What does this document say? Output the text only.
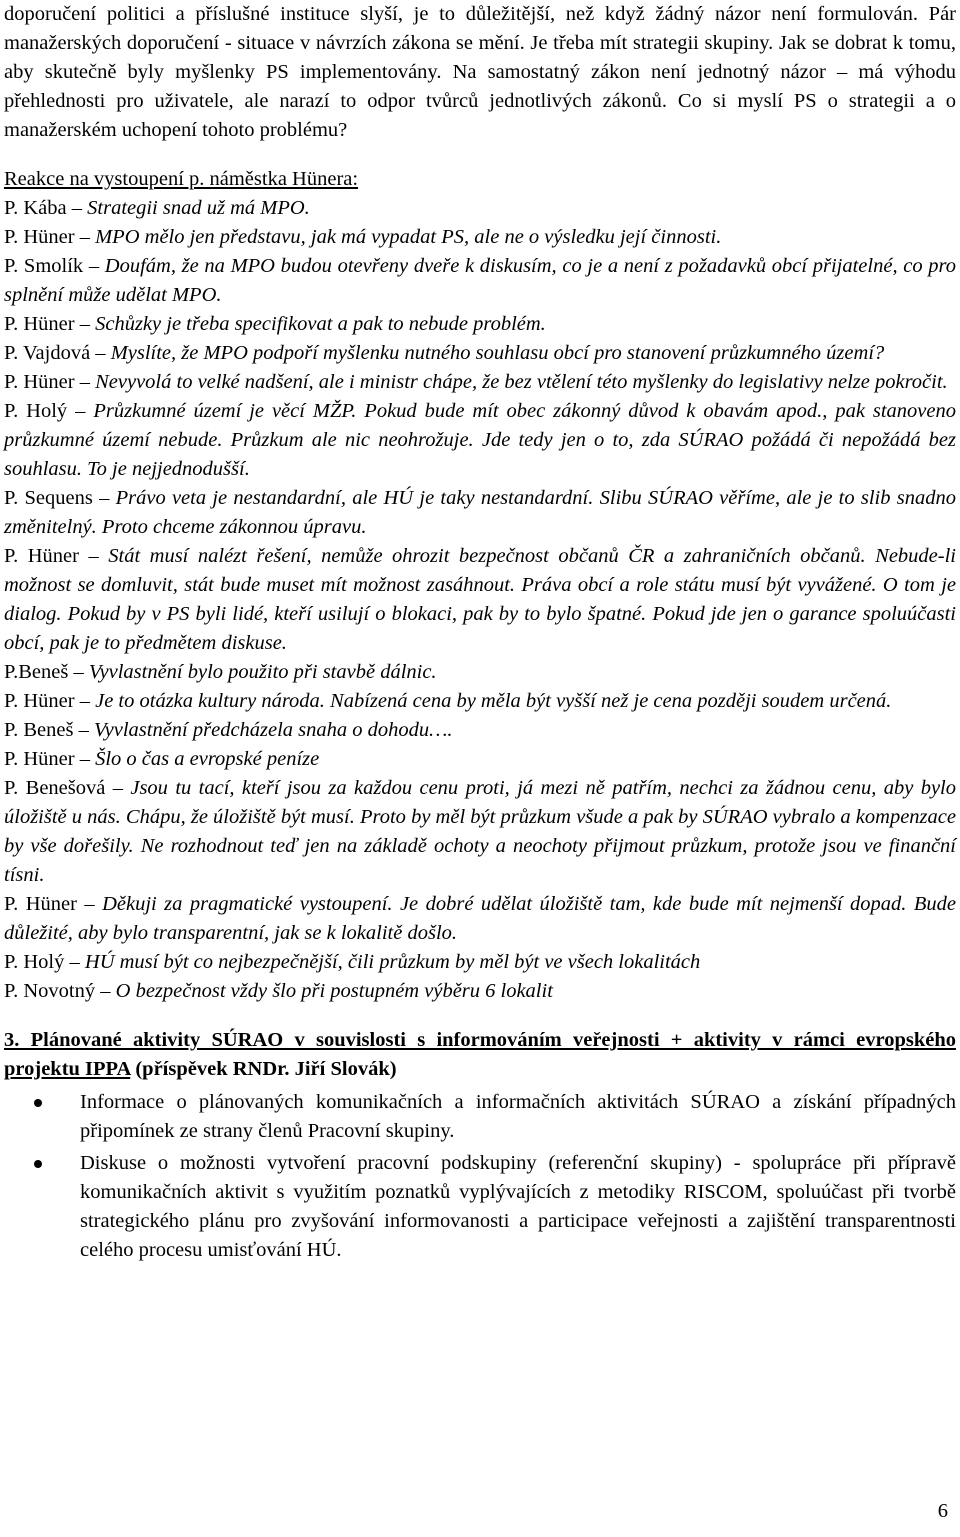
doporučení politici a příslušné instituce slyší, je to důležitější, než když žádný názor není formulován. Pár manažerských doporučení - situace v návrzích zákona se mění. Je třeba mít strategii skupiny. Jak se dobrat k tomu, aby skutečně byly myšlenky PS implementovány. Na samostatný zákon není jednotný názor – má výhodu přehlednosti pro uživatele, ale narazí to odpor tvůrců jednotlivých zákonů. Co si myslí PS o strategii a o manažerském uchopení tohoto problému?

Reakce na vystoupení p. náměstka Hünera:

P. Kába – Strategii snad už má MPO.

P. Hüner – MPO mělo jen představu, jak má vypadat PS, ale ne o výsledku její činnosti.

P. Smolík – Doufám, že na MPO budou otevřeny dveře k diskusím, co je a není z požadavků obcí přijatelné, co pro splnění může udělat MPO.

P. Hüner – Schůzky je třeba specifikovat a pak to nebude problém.

P. Vajdová – Myslíte, že MPO podpoří myšlenku nutného souhlasu obcí pro stanovení průzkumného území?

P. Hüner – Nevyvolá to velké nadšení, ale i ministr chápe, že bez vtělení této myšlenky do legislativy nelze pokročit.

P. Holý – Průzkumné území je věcí MŽP. Pokud bude mít obec zákonný důvod k obavám apod., pak stanoveno průzkumné území nebude. Průzkum ale nic neohrožuje. Jde tedy jen o to, zda SÚRAO požádá či nepožádá bez souhlasu. To je nejjednodušší.

P. Sequens – Právo veta je nestandardní, ale HÚ je taky nestandardní. Slibu SÚRAO věříme, ale je to slib snadno změnitelný. Proto chceme zákonnou úpravu.

P. Hüner – Stát musí nalézt řešení, nemůže ohrozit bezpečnost občanů ČR a zahraničních občanů. Nebude-li možnost se domluvit, stát bude muset mít možnost zasáhnout. Práva obcí a role státu musí být vyvážené. O tom je dialog. Pokud by v PS byli lidé, kteří usilují o blokaci, pak by to bylo špatné. Pokud jde jen o garance spoluúčasti obcí, pak je to předmětem diskuse.

P.Beneš – Vyvlastnění bylo použito při stavbě dálnic.

P. Hüner – Je to otázka kultury národa. Nabízená cena by měla být vyšší než je cena později soudem určená.

P. Beneš – Vyvlastnění předcházela snaha o dohodu….

P. Hüner – Šlo o čas a evropské peníze

P. Benešová – Jsou tu tací, kteří jsou za každou cenu proti, já mezi ně patřím, nechci za žádnou cenu, aby bylo úložiště u nás. Chápu, že úložiště být musí. Proto by měl být průzkum všude a pak by SÚRAO vybralo a kompenzace by vše dořešily. Ne rozhodnout teď jen na základě ochoty a neochoty přijmout průzkum, protože jsou ve finanční tísni.

P. Hüner – Děkuji za pragmatické vystoupení. Je dobré udělat úložiště tam, kde bude mít nejmenší dopad. Bude důležité, aby bylo transparentní, jak se k lokalitě došlo.

P. Holý – HÚ musí být co nejbezpečnější, čili průzkum by měl být ve všech lokalitách

P. Novotný – O bezpečnost vždy šlo při postupném výběru 6 lokalit

3. Plánované aktivity SÚRAO v souvislosti s informováním veřejnosti + aktivity v rámci evropského projektu IPPA (příspěvek RNDr. Jiří Slovák)

Informace o plánovaných komunikačních a informačních aktivitách SÚRAO a získání případných připomínek ze strany členů Pracovní skupiny.
Diskuse o možnosti vytvoření pracovní podskupiny (referenční skupiny) - spolupráce při přípravě komunikačních aktivit s využitím poznatků vyplývajících z metodiky RISCOM, spoluúčast při tvorbě strategického plánu pro zvyšování informovanosti a participace veřejnosti a zajištění transparentnosti celého procesu umisťování HÚ.
6
